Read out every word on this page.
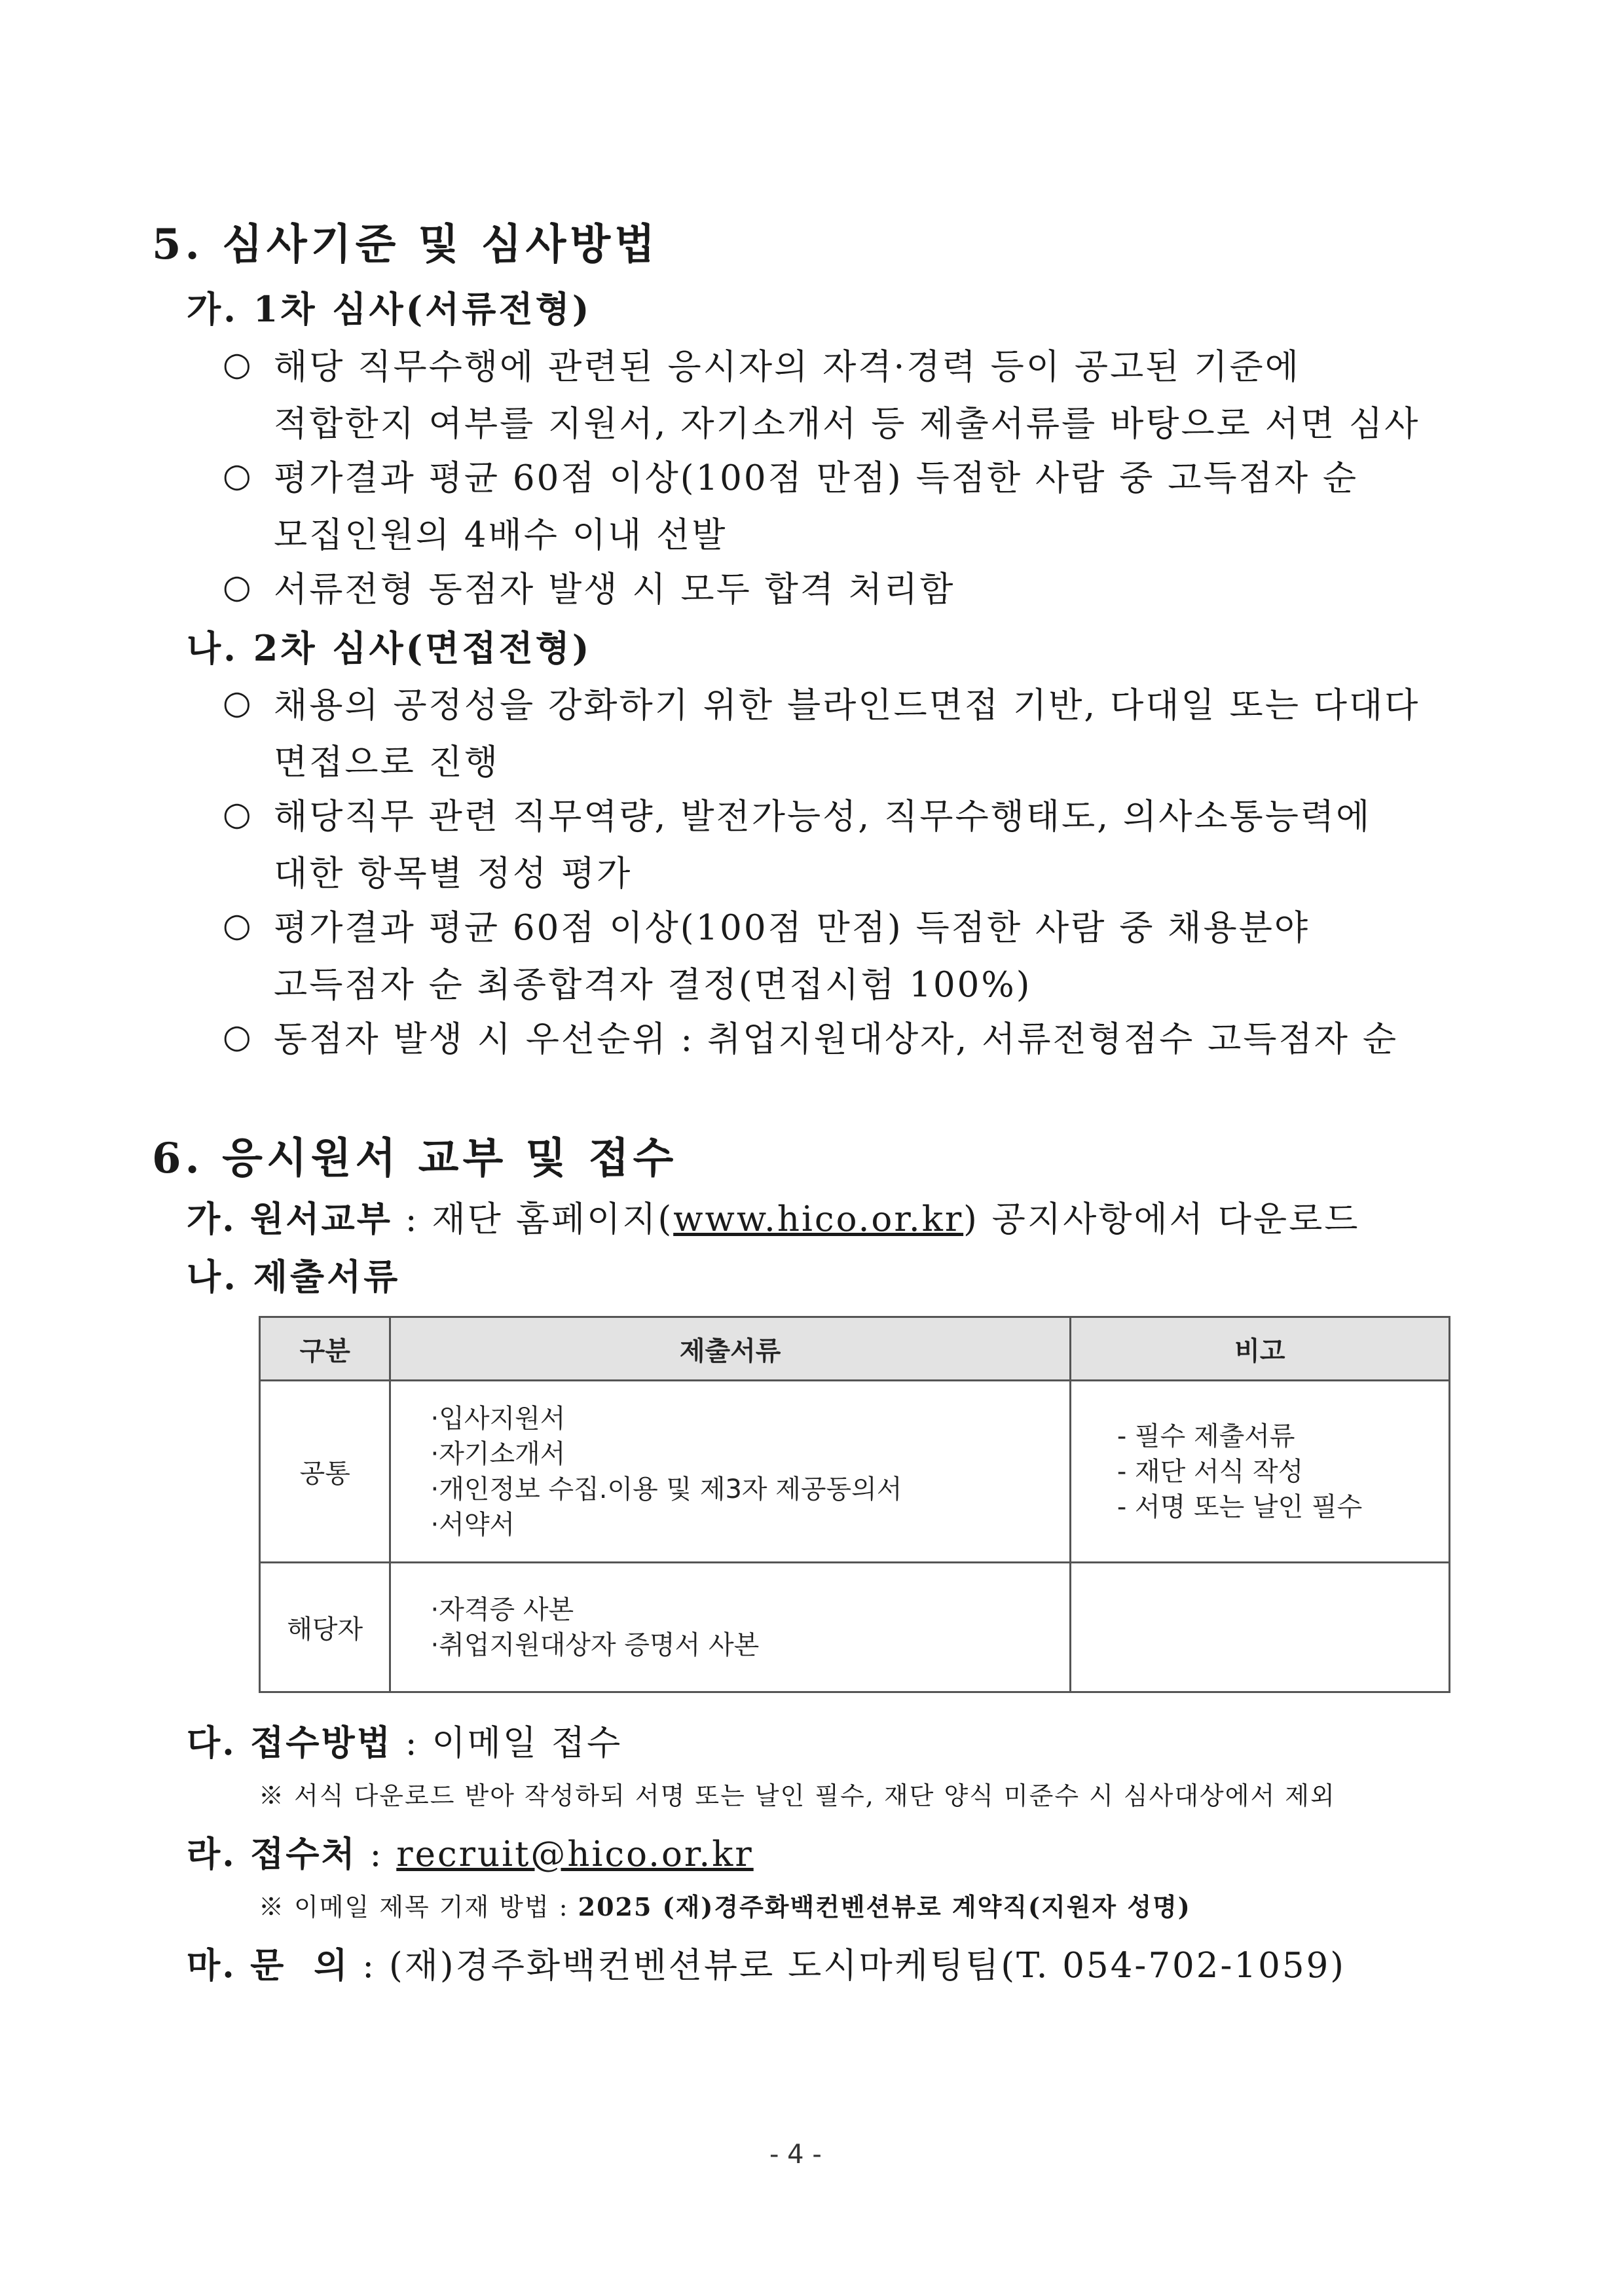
5. 심사기준 및 심사방법
가. 1차 심사(서류전형)
○ 해당 직무수행에 관련된 응시자의 자격·경력 등이 공고된 기준에
적합한지 여부를 지원서, 자기소개서 등 제출서류를 바탕으로 서면 심사
○ 평가결과 평균 60점 이상(100점 만점) 득점한 사람 중 고득점자 순
모집인원의 4배수 이내 선발
○ 서류전형 동점자 발생 시 모두 합격 처리함
나. 2차 심사(면접전형)
○ 채용의 공정성을 강화하기 위한 블라인드면접 기반, 다대일 또는 다대다
면접으로 진행
○ 해당직무 관련 직무역량, 발전가능성, 직무수행태도, 의사소통능력에
대한 항목별 정성 평가
○ 평가결과 평균 60점 이상(100점 만점) 득점한 사람 중 채용분야
고득점자 순 최종합격자 결정(면접시험 100%)
○ 동점자 발생 시 우선순위 : 취업지원대상자, 서류전형점수 고득점자 순
6. 응시원서 교부 및 접수
가. 원서교부 : 재단 홈페이지(www.hico.or.kr) 공지사항에서 다운로드
나. 제출서류
구분	제출서류	비고
공통	·입사지원서
·자기소개서
·개인정보 수집.이용 및 제3자 제공동의서
·서약서	- 필수 제출서류
- 재단 서식 작성
- 서명 또는 날인 필수

해당자	·자격증 사본
·취업지원대상자 증명서 사본	

다. 접수방법 : 이메일 접수
※ 서식 다운로드 받아 작성하되 서명 또는 날인 필수, 재단 양식 미준수 시 심사대상에서 제외
라. 접수처 : recruit@hico.or.kr
※ 이메일 제목 기재 방법 : 2025 (재)경주화백컨벤션뷰로 계약직(지원자 성명)
마. 문  의 : (재)경주화백컨벤션뷰로 도시마케팅팀(T. 054-702-1059)
- 4 -
